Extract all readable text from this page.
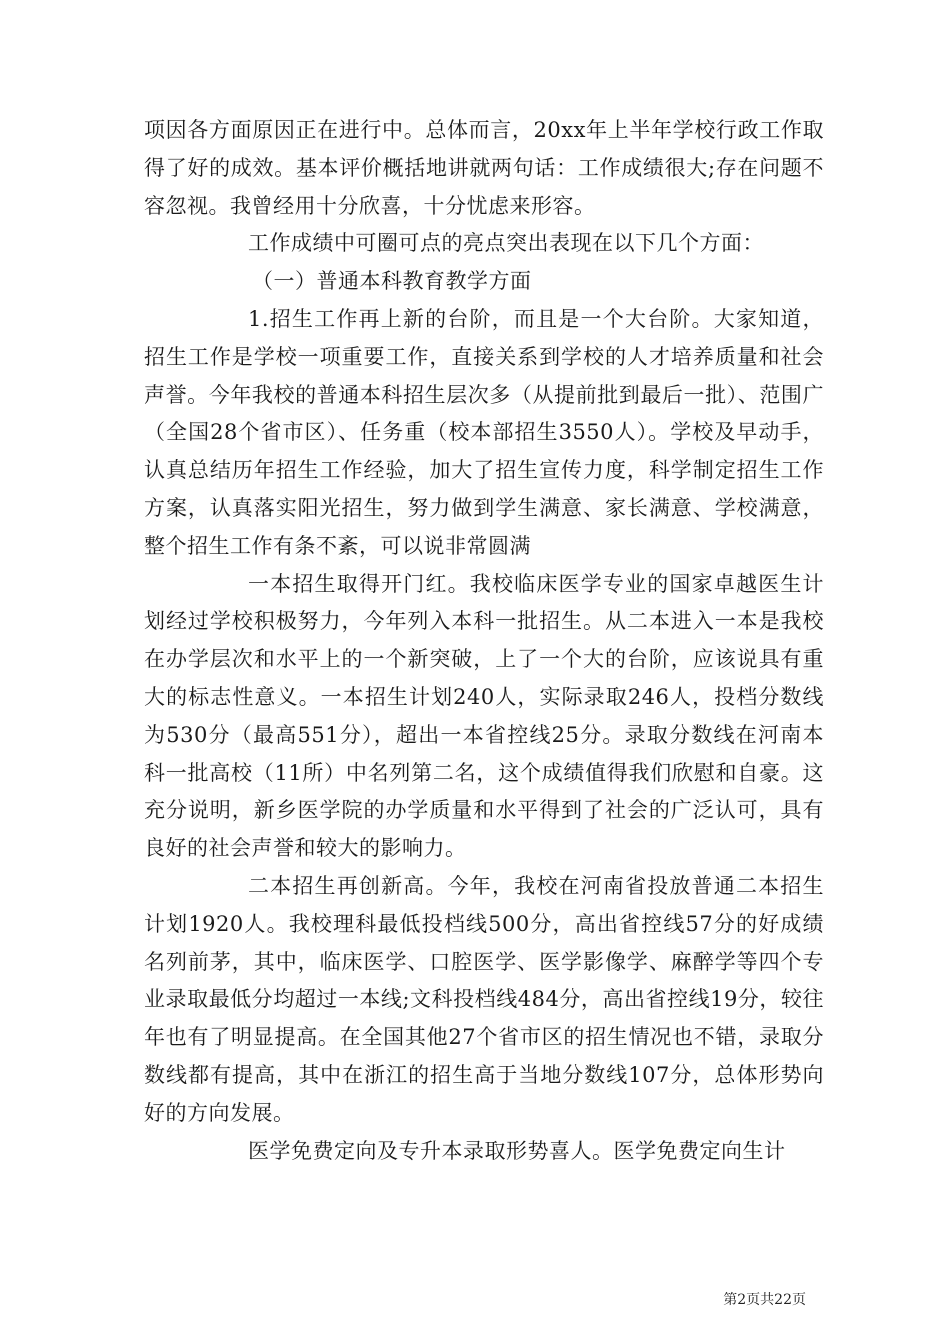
项因各方面原因正在进行中。总体而言，20xx年上半年学校行政工作取得了好的成效。基本评价概括地讲就两句话：工作成绩很大;存在问题不容忽视。我曾经用十分欣喜，十分忧虑来形容。

工作成绩中可圈可点的亮点突出表现在以下几个方面：

（一）普通本科教育教学方面

1.招生工作再上新的台阶，而且是一个大台阶。大家知道，招生工作是学校一项重要工作，直接关系到学校的人才培养质量和社会声誉。今年我校的普通本科招生层次多（从提前批到最后一批）、范围广（全国28个省市区）、任务重（校本部招生3550人）。学校及早动手，认真总结历年招生工作经验，加大了招生宣传力度，科学制定招生工作方案，认真落实阳光招生，努力做到学生满意、家长满意、学校满意，整个招生工作有条不紊，可以说非常圆满

一本招生取得开门红。我校临床医学专业的国家卓越医生计划经过学校积极努力，今年列入本科一批招生。从二本进入一本是我校在办学层次和水平上的一个新突破，上了一个大的台阶，应该说具有重大的标志性意义。一本招生计划240人，实际录取246人，投档分数线为530分（最高551分），超出一本省控线25分。录取分数线在河南本科一批高校（11所）中名列第二名，这个成绩值得我们欣慰和自豪。这充分说明，新乡医学院的办学质量和水平得到了社会的广泛认可，具有良好的社会声誉和较大的影响力。

二本招生再创新高。今年，我校在河南省投放普通二本招生计划1920人。我校理科最低投档线500分，高出省控线57分的好成绩名列前茅，其中，临床医学、口腔医学、医学影像学、麻醉学等四个专业录取最低分均超过一本线;文科投档线484分，高出省控线19分，较往年也有了明显提高。在全国其他27个省市区的招生情况也不错，录取分数线都有提高，其中在浙江的招生高于当地分数线107分，总体形势向好的方向发展。

医学免费定向及专升本录取形势喜人。医学免费定向生计

第2页共22页
